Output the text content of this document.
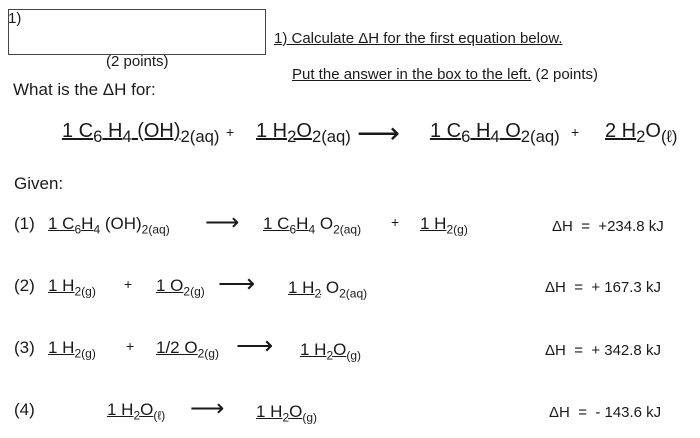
1)
(2 points)
What is the ΔH for:
1) Calculate ΔH for the first equation below.
Put the answer in the box to the left. (2 points)
1 $C_6$ $H_4$ $(OH)_{2(aq)} + 1$ $H_2O_{2(aq)}$ ⟶ 1 $C_6$ $H_4$ $O_{2(aq)} + 2$ $H_2O_{(\ell)}$
Given:
(1) 1 $C_6H_4$ $(OH)_{2(aq)}$ ⟶ 1 $C_6H_4$ $O_{2(aq)} + 1$ $H_{2(g)}$	ΔH = +234.8 kJ
(2) 1 $H_{2(g)} + 1$ $O_{2(g)}$ ⟶ 1 $H_2$ $O_{2(aq)}$	ΔH = + 167.3 kJ
(3) 1 $H_{2(g)} + 1/2$ $O_{2(g)}$ ⟶ 1 $H_2O_{(g)}$	ΔH = + 342.8 kJ
(4)	1 $H_2O_{(\ell)}$ ⟶ 1 $H_2O_{(g)}$	ΔH = - 143.6 kJ
